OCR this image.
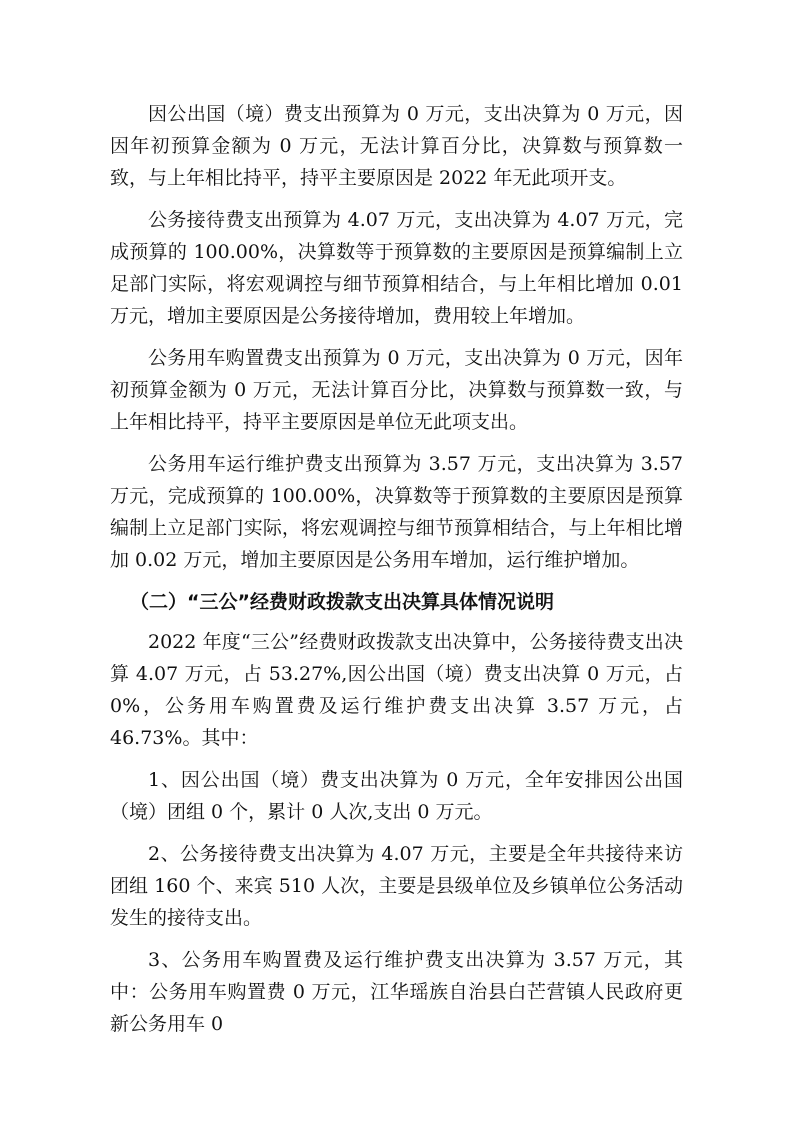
因公出国（境）费支出预算为 0 万元，支出决算为 0 万元，因因年初预算金额为 0 万元，无法计算百分比，决算数与预算数一致，与上年相比持平，持平主要原因是 2022 年无此项开支。

公务接待费支出预算为 4.07 万元，支出决算为 4.07 万元，完成预算的 100.00%，决算数等于预算数的主要原因是预算编制上立足部门实际，将宏观调控与细节预算相结合，与上年相比增加 0.01 万元，增加主要原因是公务接待增加，费用较上年增加。

公务用车购置费支出预算为 0 万元，支出决算为 0 万元，因年初预算金额为 0 万元，无法计算百分比，决算数与预算数一致，与上年相比持平，持平主要原因是单位无此项支出。

公务用车运行维护费支出预算为 3.57 万元，支出决算为 3.57 万元，完成预算的 100.00%，决算数等于预算数的主要原因是预算编制上立足部门实际，将宏观调控与细节预算相结合，与上年相比增加 0.02 万元，增加主要原因是公务用车增加，运行维护增加。

（二）“三公”经费财政拨款支出决算具体情况说明

2022 年度“三公”经费财政拨款支出决算中，公务接待费支出决算 4.07 万元，占 53.27%,因公出国（境）费支出决算 0 万元，占 0%，公务用车购置费及运行维护费支出决算 3.57 万元，占 46.73%。其中：

1、因公出国（境）费支出决算为 0 万元，全年安排因公出国（境）团组 0 个，累计 0 人次,支出 0 万元。

2、公务接待费支出决算为 4.07 万元，主要是全年共接待来访团组 160 个、来宾 510 人次，主要是县级单位及乡镇单位公务活动发生的接待支出。

3、公务用车购置费及运行维护费支出决算为 3.57 万元，其中：公务用车购置费 0 万元，江华瑶族自治县白芒营镇人民政府更新公务用车 0
